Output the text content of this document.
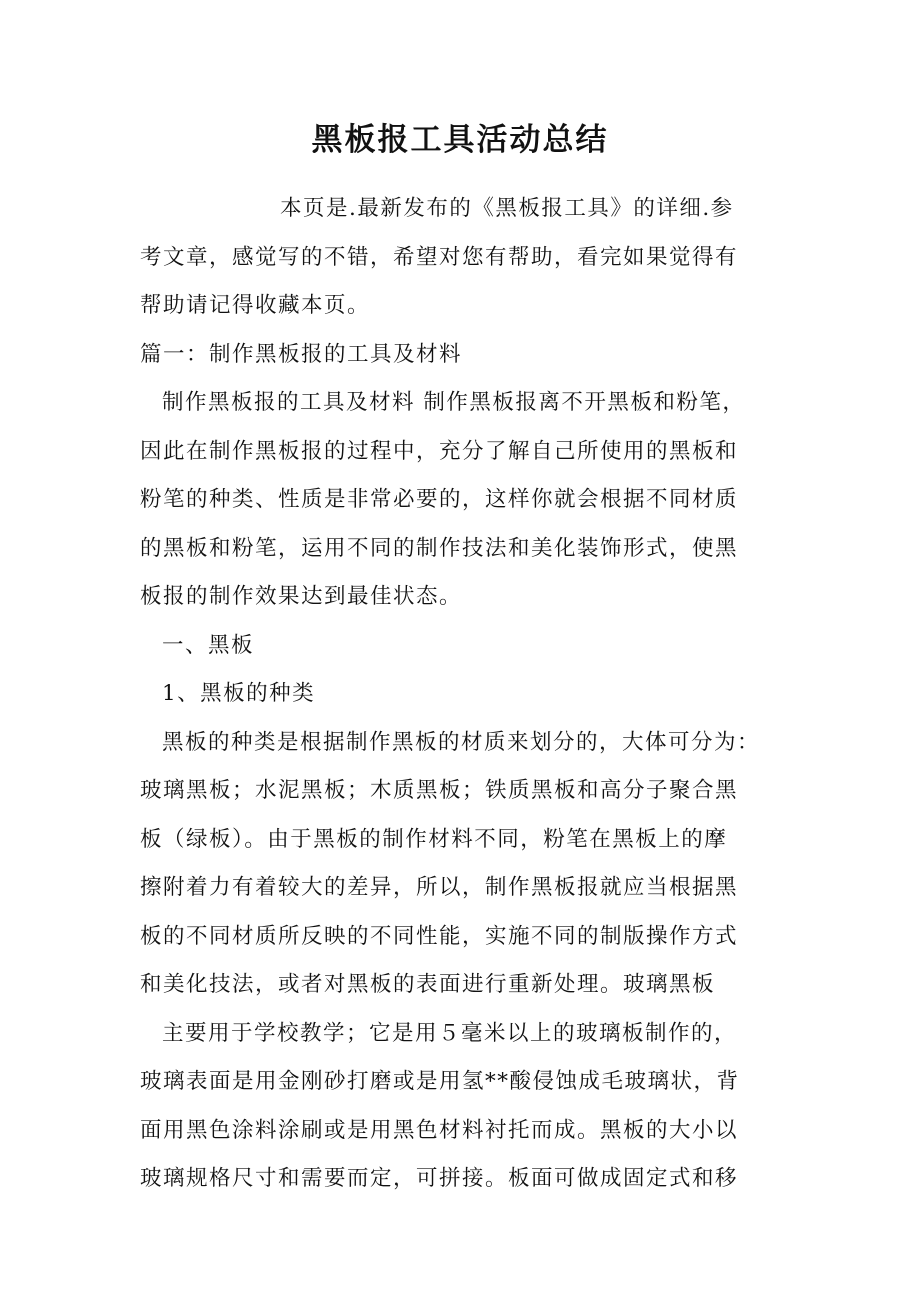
黑板报工具活动总结
本页是.最新发布的《黑板报工具》的详细.参
考文章，感觉写的不错，希望对您有帮助，看完如果觉得有
帮助请记得收藏本页。
篇一：制作黑板报的工具及材料
制作黑板报的工具及材料 制作黑板报离不开黑板和粉笔，
因此在制作黑板报的过程中，充分了解自己所使用的黑板和
粉笔的种类、性质是非常必要的，这样你就会根据不同材质
的黑板和粉笔，运用不同的制作技法和美化装饰形式，使黑
板报的制作效果达到最佳状态。
一、黑板
1、黑板的种类
黑板的种类是根据制作黑板的材质来划分的，大体可分为：
玻璃黑板；水泥黑板；木质黑板；铁质黑板和高分子聚合黑
板（绿板）。由于黑板的制作材料不同，粉笔在黑板上的摩
擦附着力有着较大的差异，所以，制作黑板报就应当根据黑
板的不同材质所反映的不同性能，实施不同的制版操作方式
和美化技法，或者对黑板的表面进行重新处理。玻璃黑板
主要用于学校教学；它是用５毫米以上的玻璃板制作的，
玻璃表面是用金刚砂打磨或是用氢**酸侵蚀成毛玻璃状，背
面用黑色涂料涂刷或是用黑色材料衬托而成。黑板的大小以
玻璃规格尺寸和需要而定，可拼接。板面可做成固定式和移
